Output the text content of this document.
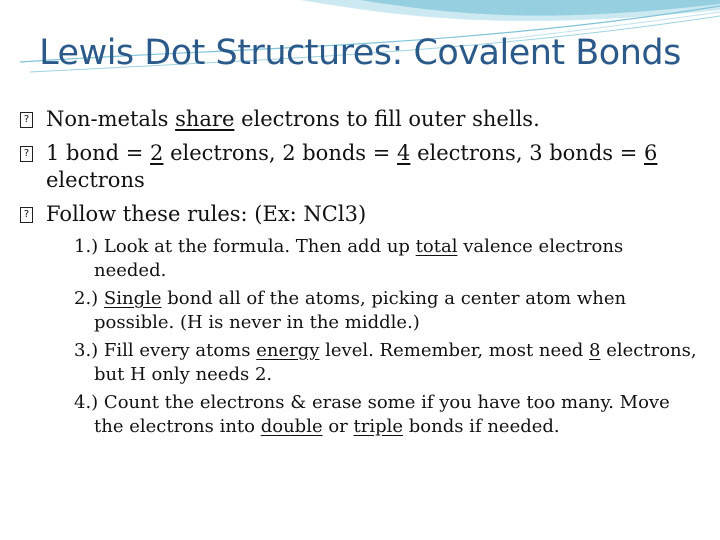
Lewis Dot Structures: Covalent Bonds
? Non-metals share electrons to fill outer shells.
? 1 bond = 2 electrons, 2 bonds = 4 electrons, 3 bonds = 6 electrons
? Follow these rules: (Ex: NCl3)
1.) Look at the formula. Then add up total valence electrons needed.
2.) Single bond all of the atoms, picking a center atom when possible. (H is never in the middle.)
3.) Fill every atoms energy level. Remember, most need 8 electrons, but H only needs 2.
4.) Count the electrons & erase some if you have too many. Move the electrons into double or triple bonds if needed.
